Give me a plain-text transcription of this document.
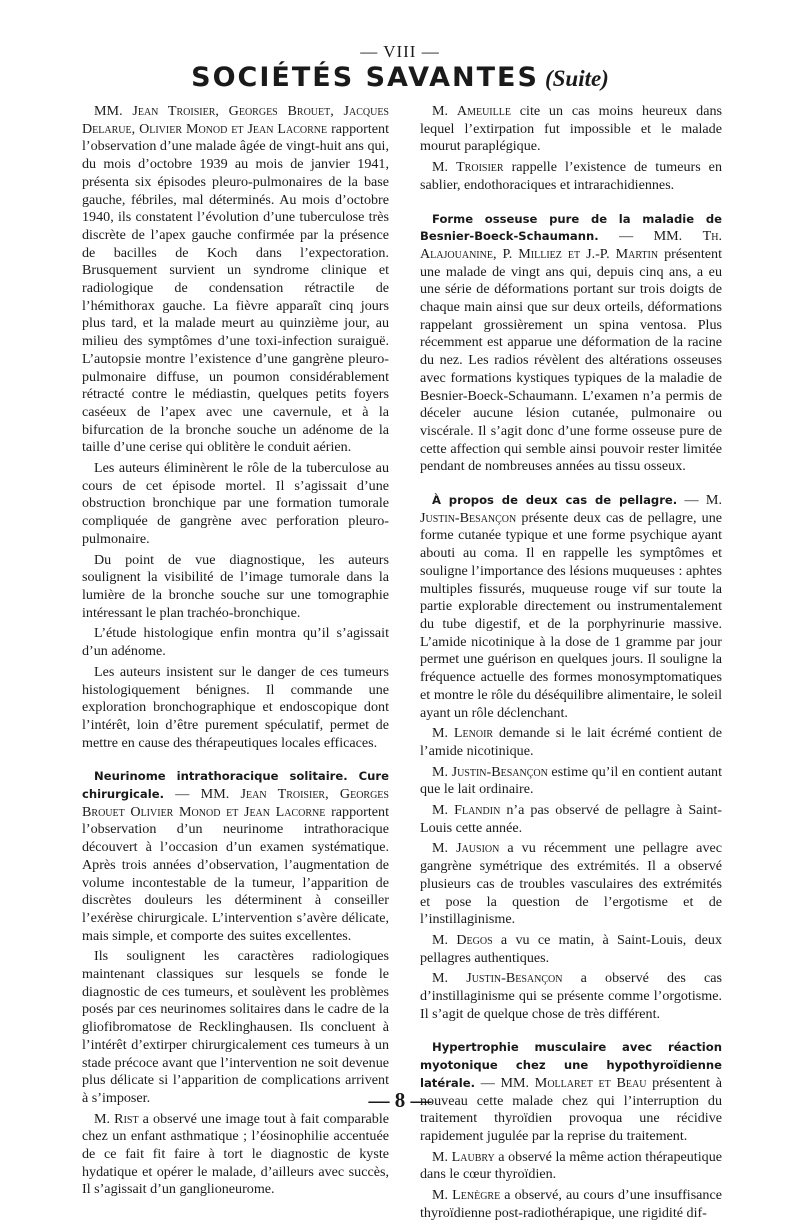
— VIII —
SOCIÉTÉS SAVANTES (Suite)

MM. Jean Troisier, Georges Brouet, Jacques Delarue, Olivier Monod et Jean Lacorne rapportent l’observation d’une malade âgée de vingt-huit ans qui, du mois d’octobre 1939 au mois de janvier 1941, présenta six épisodes pleuro-pulmonaires de la base gauche, fébriles, mal déterminés. Au mois d’octobre 1940, ils constatent l’évolution d’une tuberculose très discrète de l’apex gauche confirmée par la présence de bacilles de Koch dans l’expectoration. Brusquement survient un syndrome clinique et radiologique de condensation rétractile de l’hémithorax gauche. La fièvre apparaît cinq jours plus tard, et la malade meurt au quinzième jour, au milieu des symptômes d’une toxi-infection suraiguë. L’autopsie montre l’existence d’une gangrène pleuro-pulmonaire diffuse, un poumon considérablement rétracté contre le médiastin, quelques petits foyers caséeux de l’apex avec une cavernule, et à la bifurcation de la bronche souche un adénome de la taille d’une cerise qui oblitère le conduit aérien.

Les auteurs éliminèrent le rôle de la tuberculose au cours de cet épisode mortel. Il s’agissait d’une obstruction bronchique par une formation tumorale compliquée de gangrène avec perforation pleuro-pulmonaire.

Du point de vue diagnostique, les auteurs soulignent la visibilité de l’image tumorale dans la lumière de la bronche souche sur une tomographie intéressant le plan trachéo-bronchique.

L’étude histologique enfin montra qu’il s’agissait d’un adénome.

Les auteurs insistent sur le danger de ces tumeurs histologiquement bénignes. Il commande une exploration bronchographique et endoscopique dont l’intérêt, loin d’être purement spéculatif, permet de mettre en cause des thérapeutiques locales efficaces.

Neurinome intrathoracique solitaire. Cure chirurgicale. — MM. Jean Troisier, Georges Brouet Olivier Monod et Jean Lacorne rapportent l’observation d’un neurinome intrathoracique découvert à l’occasion d’un examen systématique. Après trois années d’observation, l’augmentation de volume incontestable de la tumeur, l’apparition de discrètes douleurs les déterminent à conseiller l’exérèse chirurgicale. L’intervention s’avère délicate, mais simple, et comporte des suites excellentes.

Ils soulignent les caractères radiologiques maintenant classiques sur lesquels se fonde le diagnostic de ces tumeurs, et soulèvent les problèmes posés par ces neurinomes solitaires dans le cadre de la gliofibromatose de Recklinghausen. Ils concluent à l’intérêt d’extirper chirurgicalement ces tumeurs à un stade précoce avant que l’intervention ne soit devenue plus délicate si l’apparition de complications arrivent à s’imposer.

M. Rist a observé une image tout à fait comparable chez un enfant asthmatique ; l’éosinophilie accentuée de ce fait fit faire à tort le diagnostic de kyste hydatique et opérer le malade, d’ailleurs avec succès, Il s’agissait d’un ganglioneurome.

M. Ameuille cite un cas moins heureux dans lequel l’extirpation fut impossible et le malade mourut paraplégique.

M. Troisier rappelle l’existence de tumeurs en sablier, endothoraciques et intrarachidiennes.

Forme osseuse pure de la maladie de Besnier-Boeck-Schaumann. — MM. Th. Alajouanine, P. Milliez et J.-P. Martin présentent une malade de vingt ans qui, depuis cinq ans, a eu une série de déformations portant sur trois doigts de chaque main ainsi que sur deux orteils, déformations rappelant grossièrement un spina ventosa. Plus récemment est apparue une déformation de la racine du nez. Les radios révèlent des altérations osseuses avec formations kystiques typiques de la maladie de Besnier-Boeck-Schaumann. L’examen n’a permis de déceler aucune lésion cutanée, pulmonaire ou viscérale. Il s’agit donc d’une forme osseuse pure de cette affection qui semble ainsi pouvoir rester limitée pendant de nombreuses années au tissu osseux.

À propos de deux cas de pellagre. — M. Justin-Besançon présente deux cas de pellagre, une forme cutanée typique et une forme psychique ayant abouti au coma. Il en rappelle les symptômes et souligne l’importance des lésions muqueuses : aphtes multiples fissurés, muqueuse rouge vif sur toute la partie explorable directement ou instrumentalement du tube digestif, et de la porphyrinurie massive. L’amide nicotinique à la dose de 1 gramme par jour permet une guérison en quelques jours. Il souligne la fréquence actuelle des formes monosymptomatiques et montre le rôle du déséquilibre alimentaire, le soleil ayant un rôle déclenchant.

M. Lenoir demande si le lait écrémé contient de l’amide nicotinique.

M. Justin-Besançon estime qu’il en contient autant que le lait ordinaire.

M. Flandin n’a pas observé de pellagre à Saint-Louis cette année.

M. Jausion a vu récemment une pellagre avec gangrène symétrique des extrémités. Il a observé plusieurs cas de troubles vasculaires des extrémités et pose la question de l’ergotisme et de l’instillaginisme.

M. Degos a vu ce matin, à Saint-Louis, deux pellagres authentiques.

M. Justin-Besançon a observé des cas d’instillaginisme qui se présente comme l’orgotisme. Il s’agit de quelque chose de très différent.

Hypertrophie musculaire avec réaction myotonique chez une hypothyroïdienne latérale. — MM. Mollaret et Beau présentent à nouveau cette malade chez qui l’interruption du traitement thyroïdien provoqua une récidive rapidement jugulée par la reprise du traitement.

M. Laubry a observé la même action thérapeutique dans le cœur thyroïdien.

M. Lenègre a observé, au cours d’une insuffisance thyroïdienne post-radiothérapique, une rigidité dif-

— 8 —
